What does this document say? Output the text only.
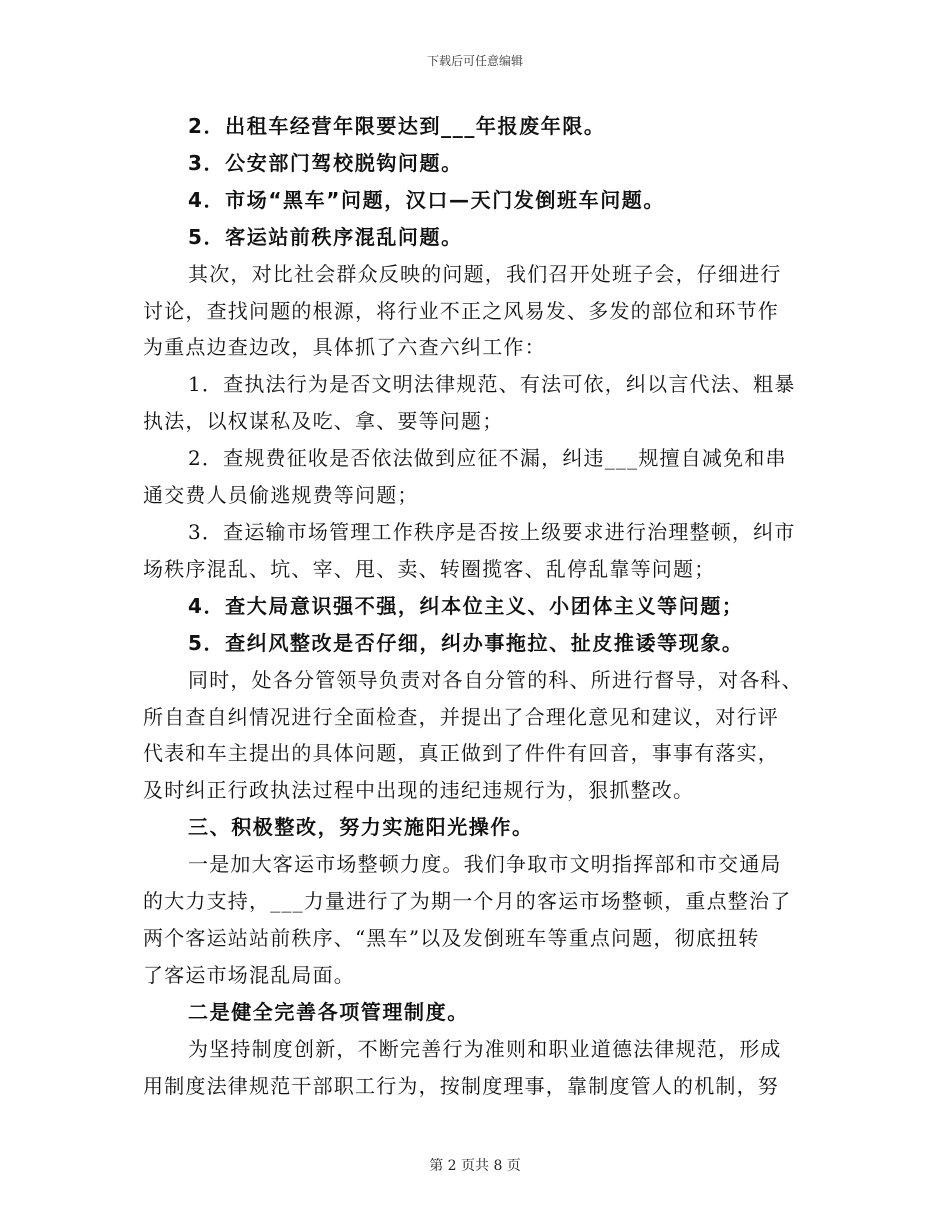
下载后可任意编辑

2．出租车经营年限要达到___年报废年限。

3．公安部门驾校脱钩问题。

4．市场“黑车”问题，汉口—天门发倒班车问题。

5．客运站前秩序混乱问题。

其次，对比社会群众反映的问题，我们召开处班子会，仔细进行

讨论，查找问题的根源，将行业不正之风易发、多发的部位和环节作

为重点边查边改，具体抓了六查六纠工作：

1．查执法行为是否文明法律规范、有法可依，纠以言代法、粗暴

执法，以权谋私及吃、拿、要等问题；

2．查规费征收是否依法做到应征不漏，纠违___规擅自减免和串

通交费人员偷逃规费等问题；

3．查运输市场管理工作秩序是否按上级要求进行治理整顿，纠市

场秩序混乱、坑、宰、甩、卖、转圈揽客、乱停乱靠等问题；

4．查大局意识强不强，纠本位主义、小团体主义等问题；

5．查纠风整改是否仔细，纠办事拖拉、扯皮推诿等现象。

同时，处各分管领导负责对各自分管的科、所进行督导，对各科、

所自查自纠情况进行全面检查，并提出了合理化意见和建议，对行评

代表和车主提出的具体问题，真正做到了件件有回音，事事有落实，

及时纠正行政执法过程中出现的违纪违规行为，狠抓整改。

三、积极整改，努力实施阳光操作。

一是加大客运市场整顿力度。我们争取市文明指挥部和市交通局

的大力支持，___力量进行了为期一个月的客运市场整顿，重点整治了

两个客运站站前秩序、“黑车”以及发倒班车等重点问题，彻底扭转

了客运市场混乱局面。

二是健全完善各项管理制度。

为坚持制度创新，不断完善行为准则和职业道德法律规范，形成

用制度法律规范干部职工行为，按制度理事，靠制度管人的机制，努

第 2 页共 8 页
